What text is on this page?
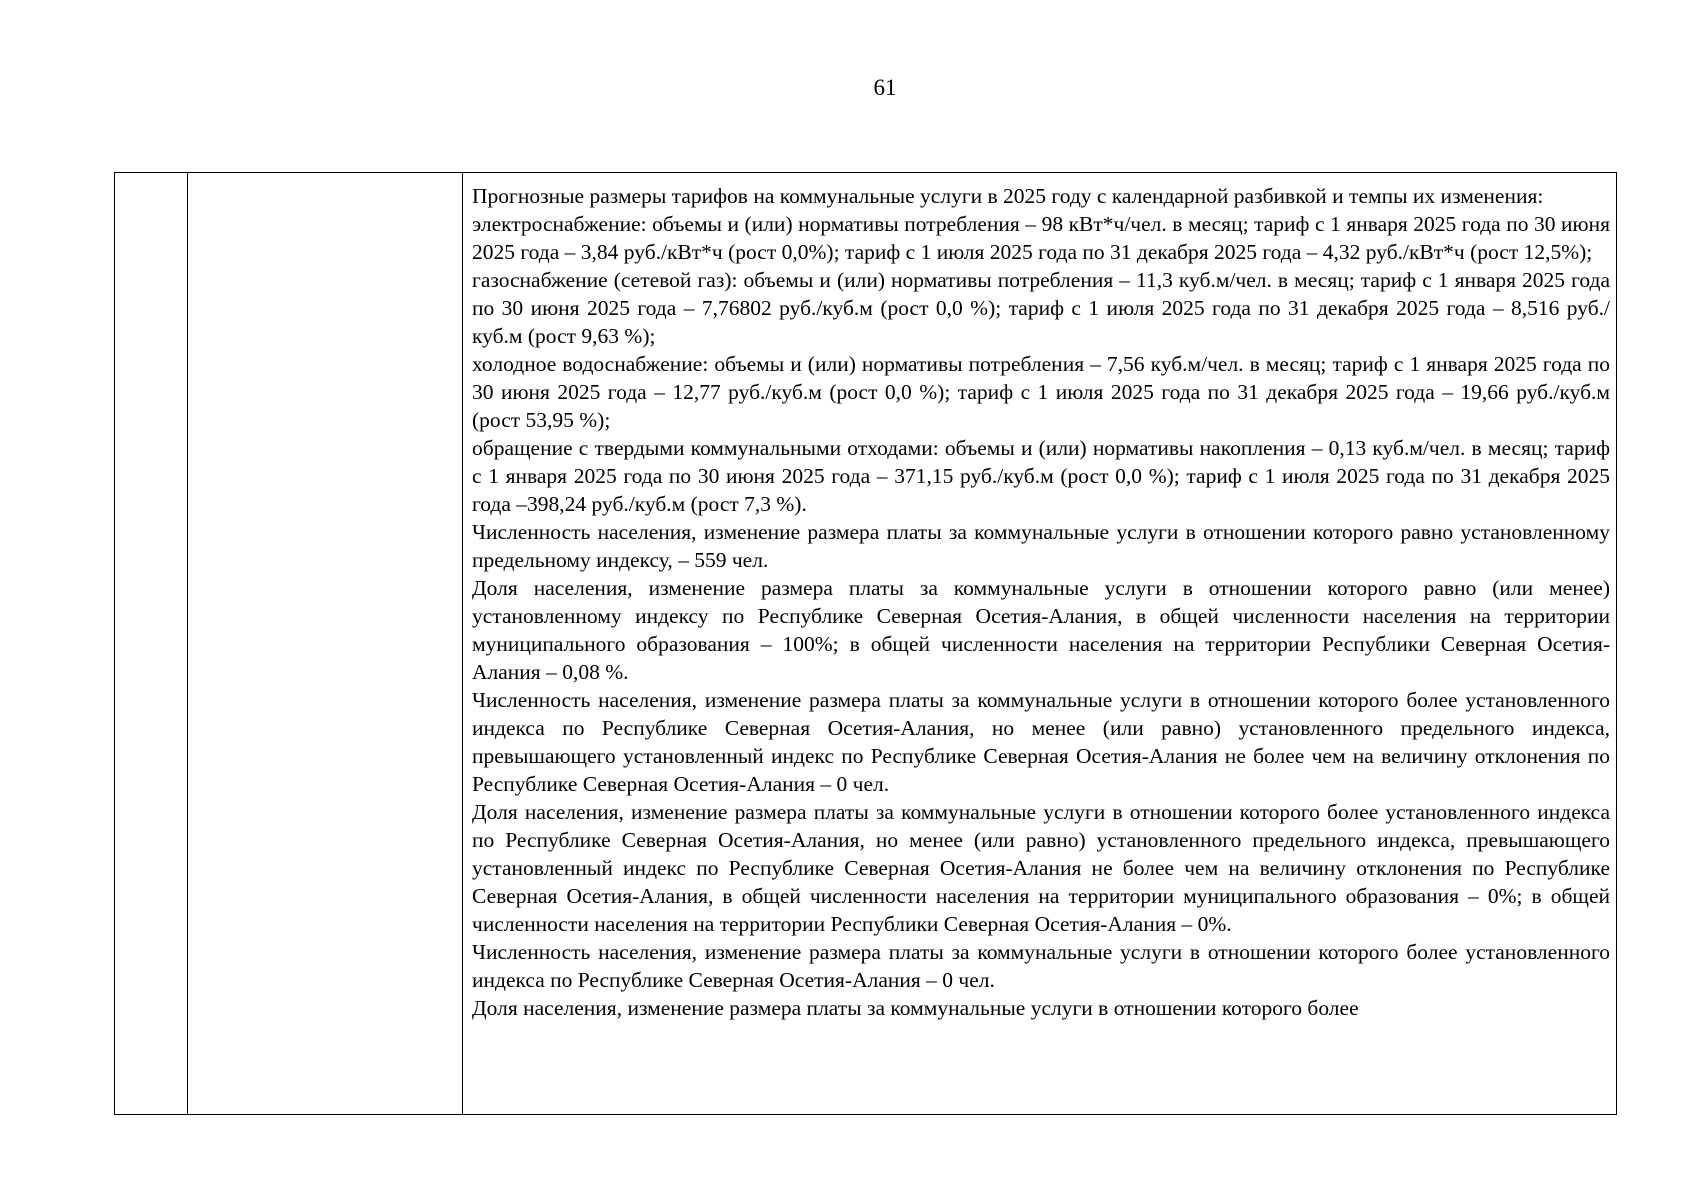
61

Прогнозные размеры тарифов на коммунальные услуги в 2025 году с календарной разбивкой и темпы их изменения:

электроснабжение: объемы и (или) нормативы потребления – 98 кВт*ч/чел. в месяц; тариф с 1 января 2025 года по 30 июня 2025 года – 3,84 руб./кВт*ч (рост 0,0%); тариф с 1 июля 2025 года по 31 декабря 2025 года – 4,32 руб./кВт*ч (рост 12,5%);

газоснабжение (сетевой газ): объемы и (или) нормативы потребления – 11,3 куб.м/чел. в месяц; тариф с 1 января 2025 года по 30 июня 2025 года – 7,76802 руб./куб.м (рост 0,0 %); тариф с 1 июля 2025 года по 31 декабря 2025 года – 8,516 руб./куб.м (рост 9,63 %);

холодное водоснабжение: объемы и (или) нормативы потребления – 7,56 куб.м/чел. в месяц; тариф с 1 января 2025 года по 30 июня 2025 года – 12,77 руб./куб.м (рост 0,0 %); тариф с 1 июля 2025 года по 31 декабря 2025 года – 19,66 руб./куб.м (рост 53,95 %);

обращение с твердыми коммунальными отходами: объемы и (или) нормативы накопления – 0,13 куб.м/чел. в месяц; тариф с 1 января 2025 года по 30 июня 2025 года – 371,15 руб./куб.м (рост 0,0 %); тариф с 1 июля 2025 года по 31 декабря 2025 года –398,24 руб./куб.м (рост 7,3 %).

Численность населения, изменение размера платы за коммунальные услуги в отношении которого равно установленному предельному индексу, – 559 чел.

Доля населения, изменение размера платы за коммунальные услуги в отношении которого равно (или менее) установленному индексу по Республике Северная Осетия-Алания, в общей численности населения на территории муниципального образования – 100%; в общей численности населения на территории Республики Северная Осетия-Алания – 0,08 %.

Численность населения, изменение размера платы за коммунальные услуги в отношении которого более установленного индекса по Республике Северная Осетия-Алания, но менее (или равно) установленного предельного индекса, превышающего установленный индекс по Республике Северная Осетия-Алания не более чем на величину отклонения по Республике Северная Осетия-Алания – 0 чел.

Доля населения, изменение размера платы за коммунальные услуги в отношении которого более установленного индекса по Республике Северная Осетия-Алания, но менее (или равно) установленного предельного индекса, превышающего установленный индекс по Республике Северная Осетия-Алания не более чем на величину отклонения по Республике Северная Осетия-Алания, в общей численности населения на территории муниципального образования – 0%; в общей численности населения на территории Республики Северная Осетия-Алания – 0%.

Численность населения, изменение размера платы за коммунальные услуги в отношении которого более установленного индекса по Республике Северная Осетия-Алания – 0 чел.

Доля населения, изменение размера платы за коммунальные услуги в отношении которого более
